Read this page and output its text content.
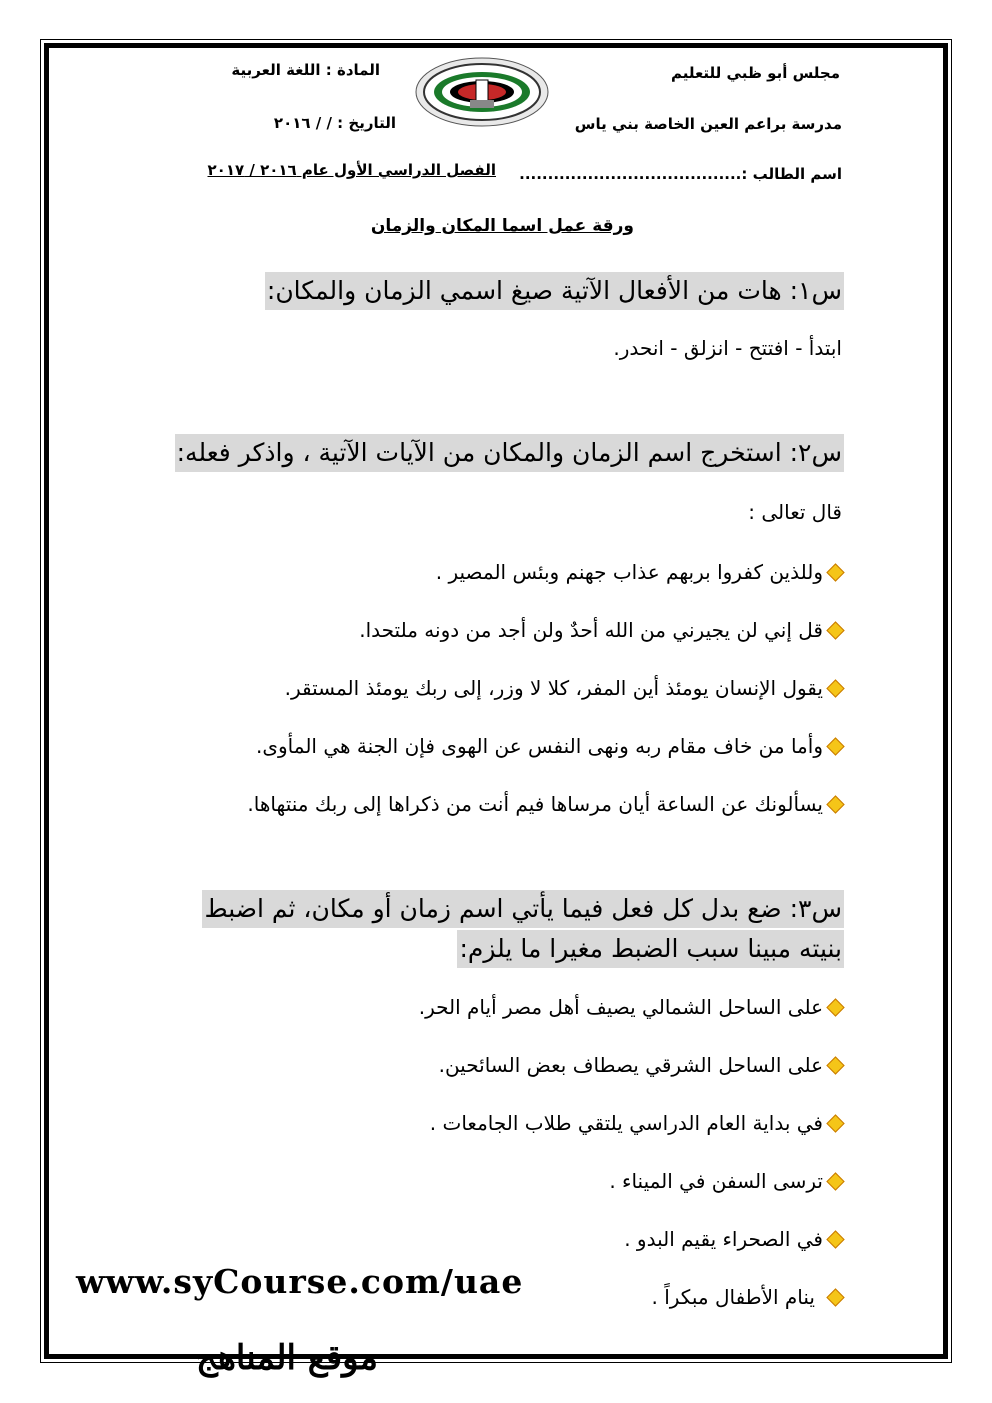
مجلس أبو ظبي للتعليم
المادة : اللغة العربية
مدرسة براعم العين الخاصة بني ياس
التاريخ : / / ٢٠١٦
اسم الطالب :.......................................
الفصل الدراسي الأول عام ٢٠١٦ / ٢٠١٧
ورقة عمل اسما المكان والزمان
س١: هات من الأفعال الآتية صيغ اسمي الزمان والمكان:
ابتدأ - افتتح - انزلق - انحدر.
س٢: استخرج اسم الزمان والمكان من الآيات الآتية ، واذكر فعله:
قال تعالى :
وللذين كفروا بربهم عذاب جهنم وبئس المصير .
قل إني لن يجيرني من الله أحدٌ ولن أجد من دونه ملتحدا.
يقول الإنسان يومئذ أين المفر، كلا لا وزر، إلى ربك يومئذ المستقر.
وأما من خاف مقام ربه ونهى النفس عن الهوى فإن الجنة هي المأوى.
يسألونك عن الساعة أيان مرساها فيم أنت من ذكراها إلى ربك منتهاها.
س٣: ضع بدل كل فعل فيما يأتي اسم زمان أو مكان، ثم اضبط
بنيته مبينا سبب الضبط مغيرا ما يلزم:
على الساحل الشمالي يصيف أهل مصر أيام الحر.
على الساحل الشرقي يصطاف بعض السائحين.
في بداية العام الدراسي يلتقي طلاب الجامعات .
ترسى السفن في الميناء .
في الصحراء يقيم البدو .
ينام الأطفال مبكراً .
www.syCourse.com/uae
موقع المناهج
